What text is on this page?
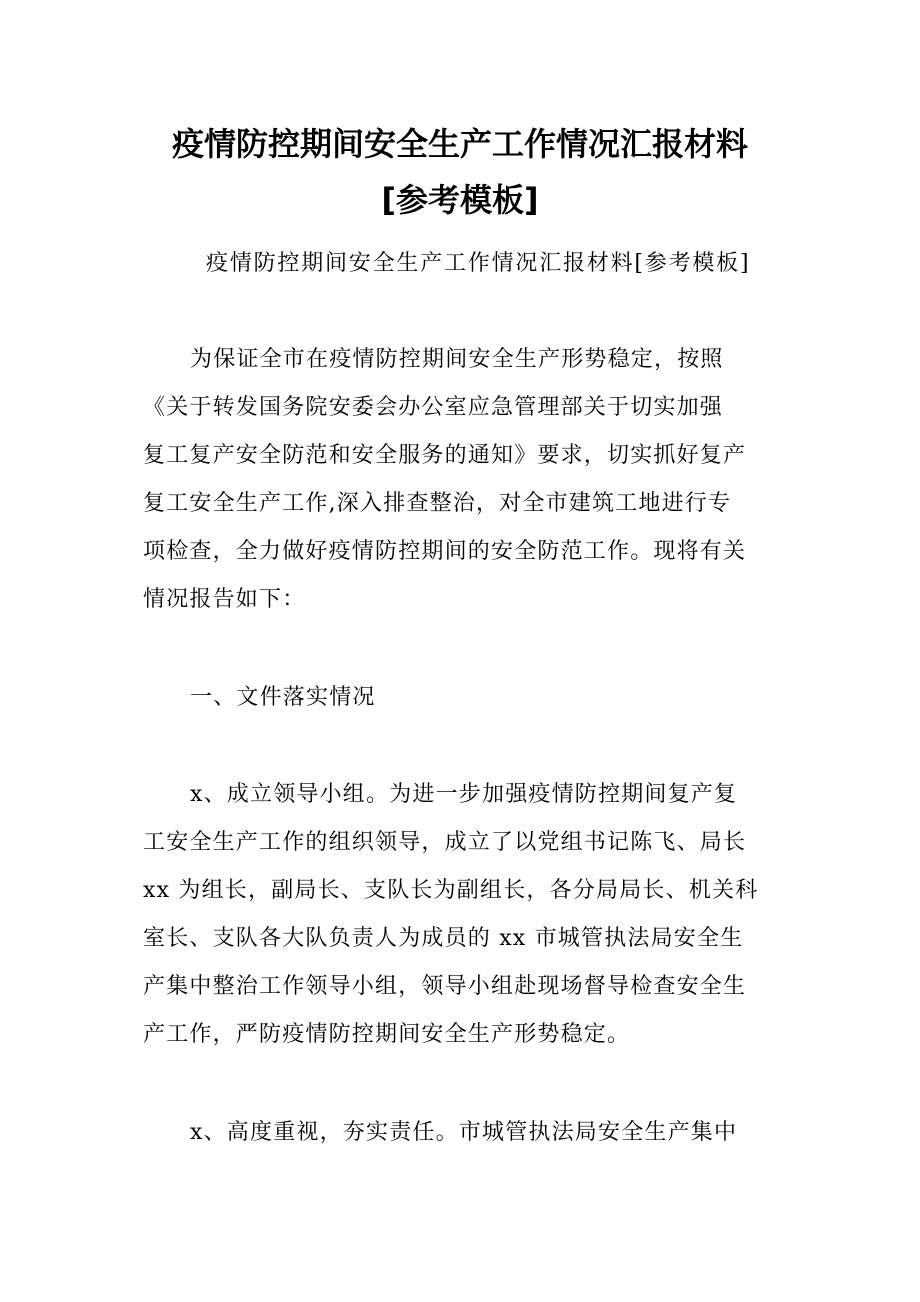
疫情防控期间安全生产工作情况汇报材料
[参考模板]
疫情防控期间安全生产工作情况汇报材料[参考模板]
为保证全市在疫情防控期间安全生产形势稳定，按照
《关于转发国务院安委会办公室应急管理部关于切实加强
复工复产安全防范和安全服务的通知》要求，切实抓好复产
复工安全生产工作,深入排查整治，对全市建筑工地进行专
项检查，全力做好疫情防控期间的安全防范工作。现将有关
情况报告如下：
一、文件落实情况
x、成立领导小组。为进一步加强疫情防控期间复产复
工安全生产工作的组织领导，成立了以党组书记陈飞、局长
xx 为组长，副局长、支队长为副组长，各分局局长、机关科
室长、支队各大队负责人为成员的 xx 市城管执法局安全生
产集中整治工作领导小组，领导小组赴现场督导检查安全生
产工作，严防疫情防控期间安全生产形势稳定。
x、高度重视，夯实责任。市城管执法局安全生产集中
